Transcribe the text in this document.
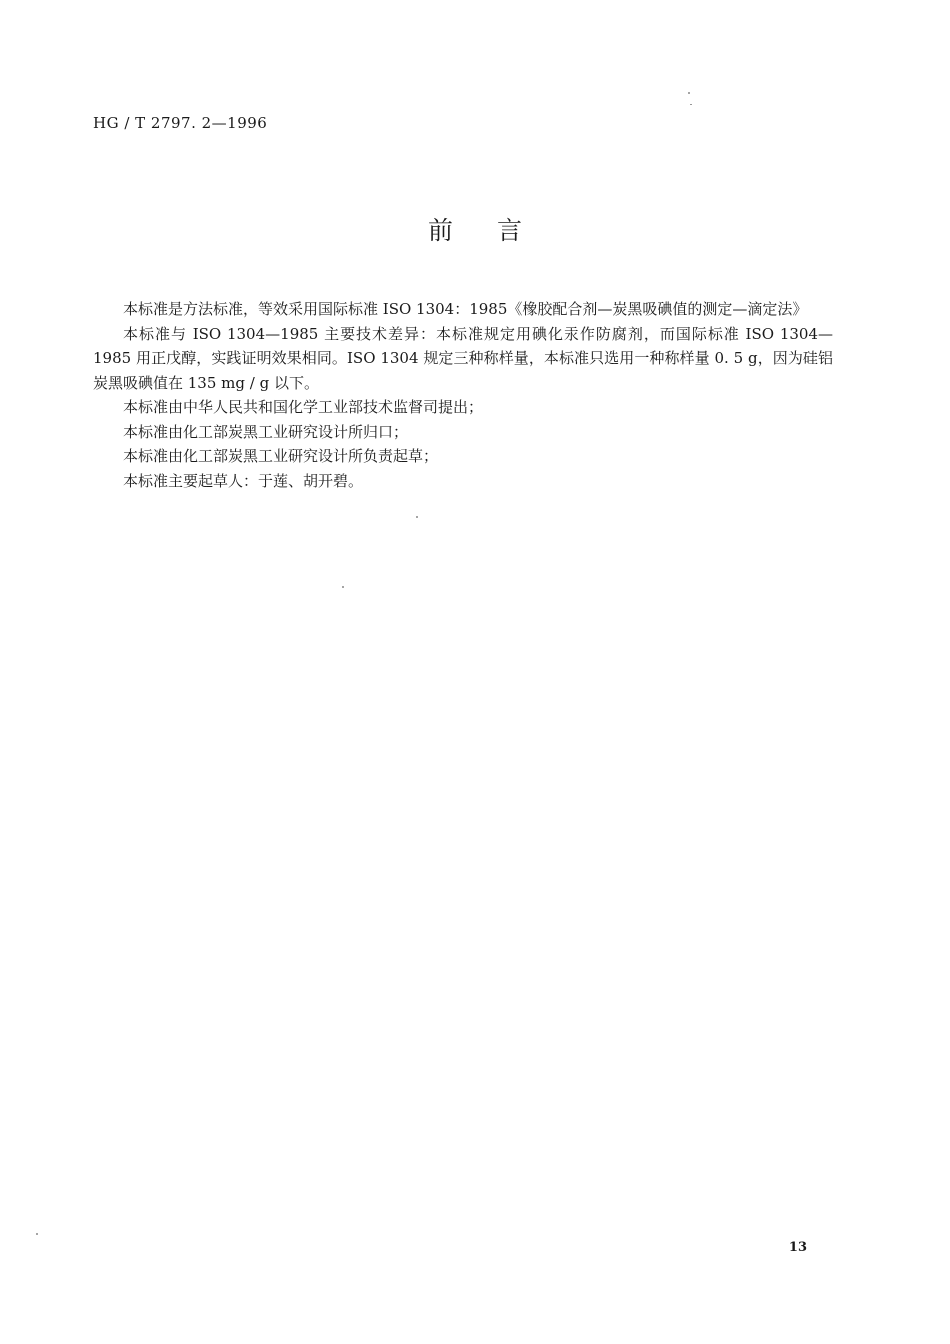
HG / T 2797. 2—1996
前言

本标准是方法标准，等效采用国际标准 ISO 1304：1985《橡胶配合剂—炭黑吸碘值的测定—滴定法》

本标准与 ISO 1304—1985 主要技术差异：本标准规定用碘化汞作防腐剂，而国际标准 ISO 1304—1985 用正戊醇，实践证明效果相同。ISO 1304 规定三种称样量，本标准只选用一种称样量 0. 5 g，因为硅铝炭黑吸碘值在 135 mg / g 以下。

本标准由中华人民共和国化学工业部技术监督司提出；

本标准由化工部炭黑工业研究设计所归口；

本标准由化工部炭黑工业研究设计所负责起草；

本标准主要起草人：于莲、胡开碧。

13
